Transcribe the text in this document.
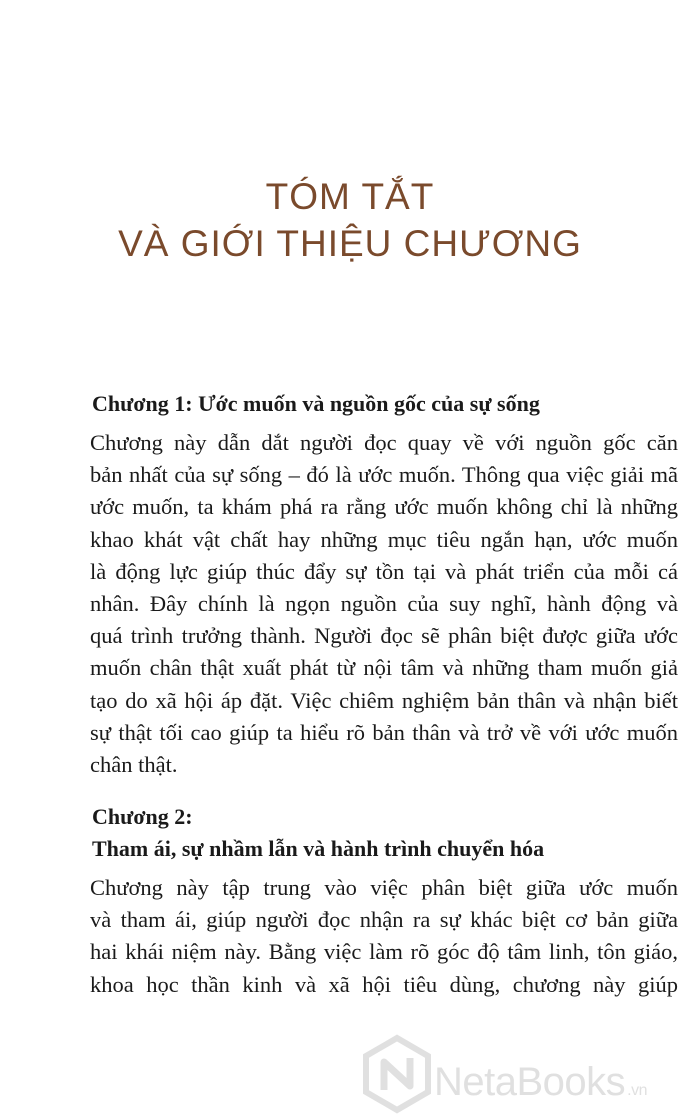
TÓM TẮT
VÀ GIỚI THIỆU CHƯƠNG
Chương 1: Ước muốn và nguồn gốc của sự sống
Chương này dẫn dắt người đọc quay về với nguồn gốc căn
bản nhất của sự sống – đó là ước muốn. Thông qua việc giải mã
ước muốn, ta khám phá ra rằng ước muốn không chỉ là những
khao khát vật chất hay những mục tiêu ngắn hạn, ước muốn
là động lực giúp thúc đẩy sự tồn tại và phát triển của mỗi cá
nhân. Đây chính là ngọn nguồn của suy nghĩ, hành động và
quá trình trưởng thành. Người đọc sẽ phân biệt được giữa ước
muốn chân thật xuất phát từ nội tâm và những tham muốn giả
tạo do xã hội áp đặt. Việc chiêm nghiệm bản thân và nhận biết
sự thật tối cao giúp ta hiểu rõ bản thân và trở về với ước muốn
chân thật.
Chương 2:
Tham ái, sự nhầm lẫn và hành trình chuyển hóa
Chương này tập trung vào việc phân biệt giữa ước muốn
và tham ái, giúp người đọc nhận ra sự khác biệt cơ bản giữa
hai khái niệm này. Bằng việc làm rõ góc độ tâm linh, tôn giáo,
khoa học thần kinh và xã hội tiêu dùng, chương này giúp
NetaBooks .vn
